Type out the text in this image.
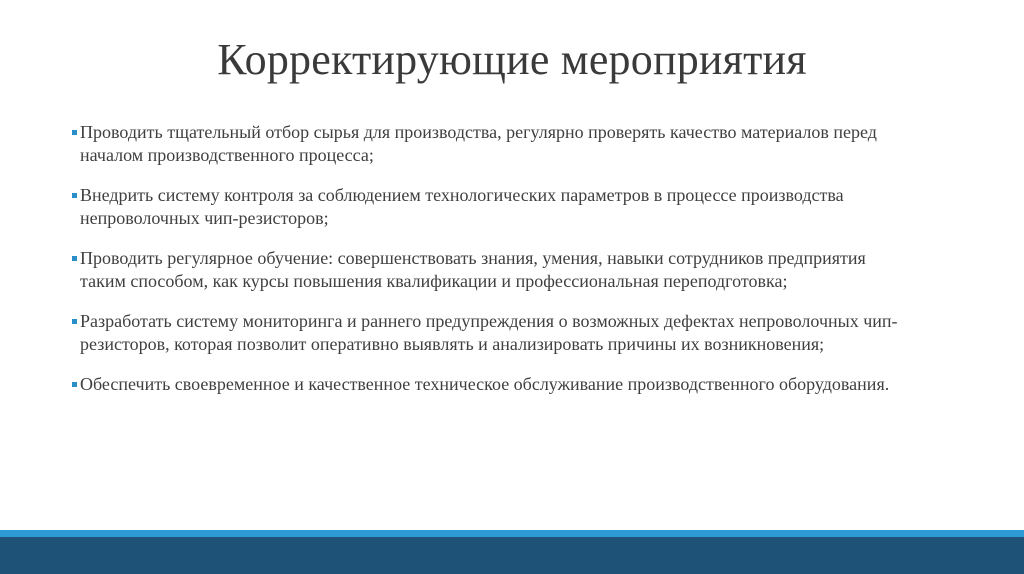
Корректирующие мероприятия
Проводить тщательный отбор сырья для производства, регулярно проверять качество материалов перед началом производственного процесса;
Внедрить систему контроля за соблюдением технологических параметров в процессе производства непроволочных чип-резисторов;
Проводить регулярное обучение: совершенствовать знания, умения, навыки сотрудников предприятия таким способом, как курсы повышения квалификации и профессиональная переподготовка;
Разработать систему мониторинга и раннего предупреждения о возможных дефектах непроволочных чип-резисторов, которая позволит оперативно выявлять и анализировать причины их возникновения;
Обеспечить своевременное и качественное техническое обслуживание производственного оборудования.
